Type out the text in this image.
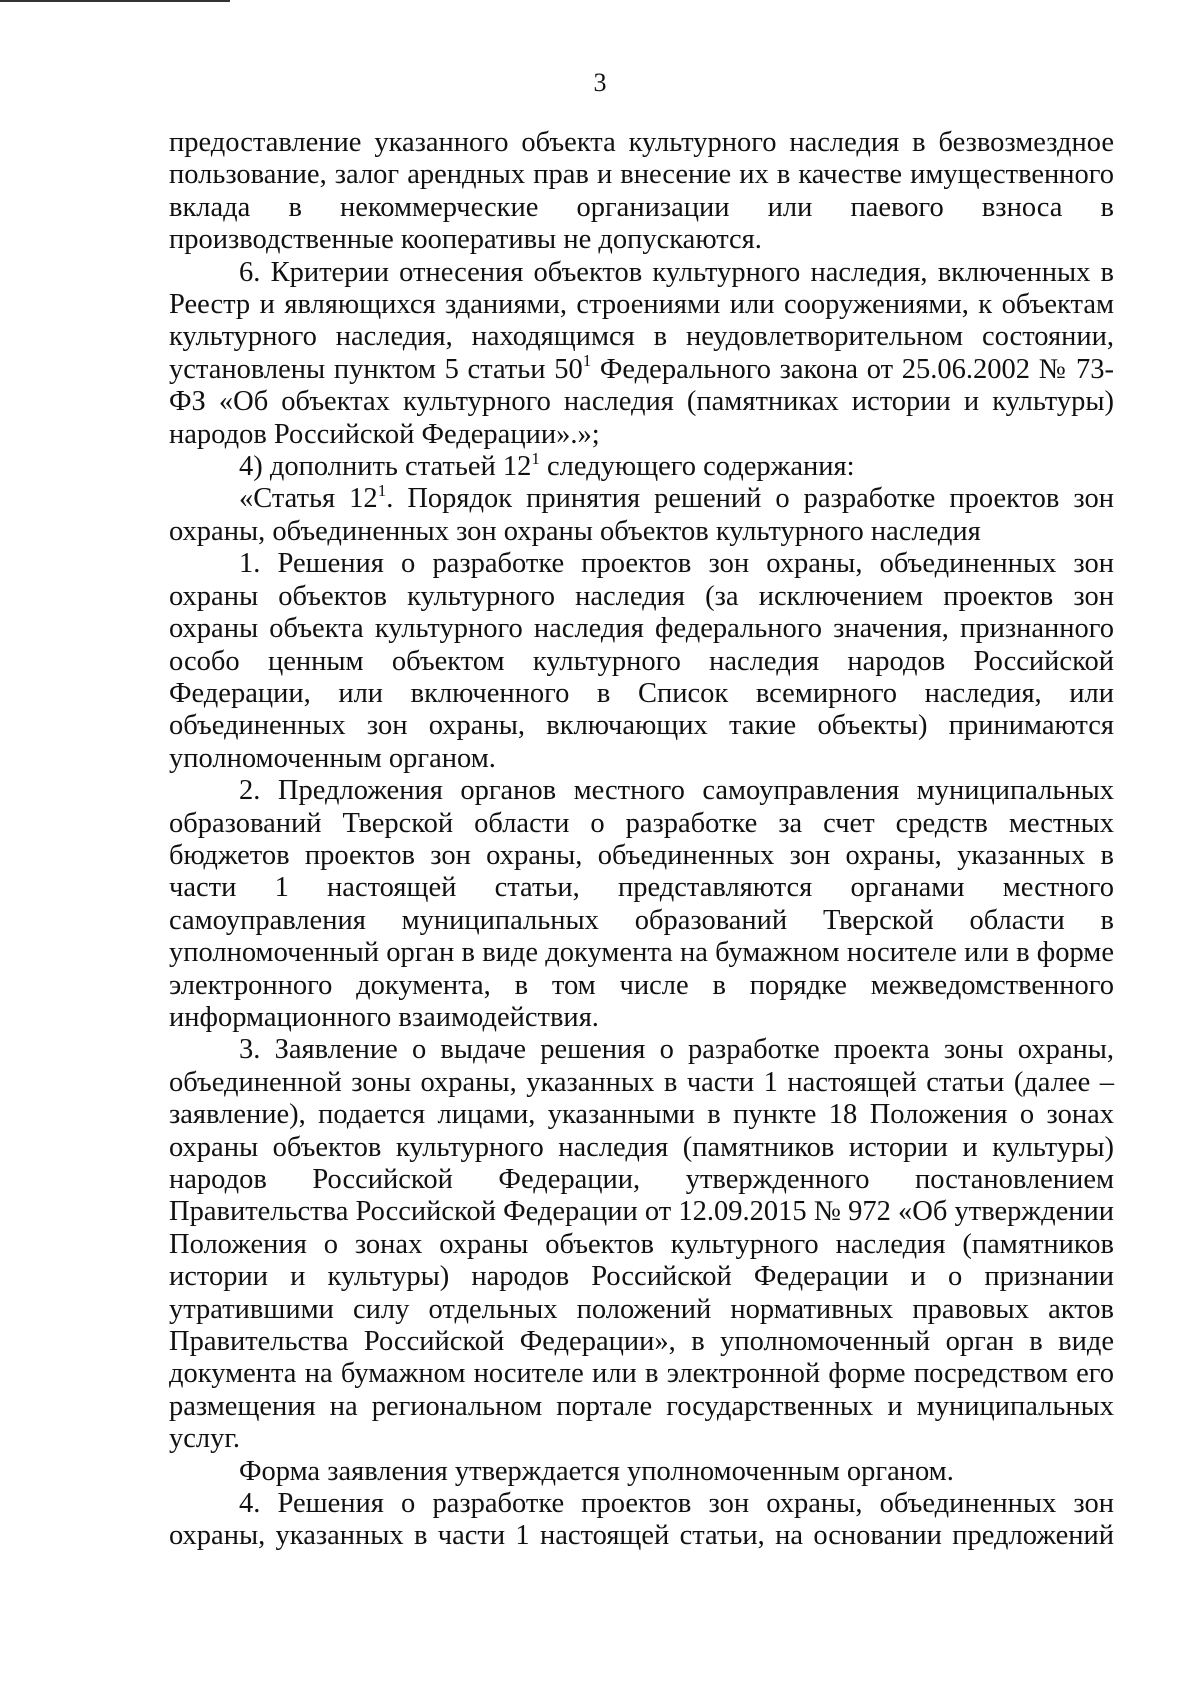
3

предоставление указанного объекта культурного наследия в безвозмездное пользование, залог арендных прав и внесение их в качестве имущественного вклада в некоммерческие организации или паевого взноса в производственные кооперативы не допускаются.

6. Критерии отнесения объектов культурного наследия, включенных в Реестр и являющихся зданиями, строениями или сооружениями, к объектам культурного наследия, находящимся в неудовлетворительном состоянии, установлены пунктом 5 статьи $50^1$ Федерального закона от 25.06.2002 № 73-ФЗ «Об объектах культурного наследия (памятниках истории и культуры) народов Российской Федерации».»;

4) дополнить статьей $12^1$ следующего содержания:

«Статья $12^1$. Порядок принятия решений о разработке проектов зон охраны, объединенных зон охраны объектов культурного наследия

1. Решения о разработке проектов зон охраны, объединенных зон охраны объектов культурного наследия (за исключением проектов зон охраны объекта культурного наследия федерального значения, признанного особо ценным объектом культурного наследия народов Российской Федерации, или включенного в Список всемирного наследия, или объединенных зон охраны, включающих такие объекты) принимаются уполномоченным органом.

2. Предложения органов местного самоуправления муниципальных образований Тверской области о разработке за счет средств местных бюджетов проектов зон охраны, объединенных зон охраны, указанных в части 1 настоящей статьи, представляются органами местного самоуправления муниципальных образований Тверской области в уполномоченный орган в виде документа на бумажном носителе или в форме электронного документа, в том числе в порядке межведомственного информационного взаимодействия.

3. Заявление о выдаче решения о разработке проекта зоны охраны, объединенной зоны охраны, указанных в части 1 настоящей статьи (далее – заявление), подается лицами, указанными в пункте 18 Положения о зонах охраны объектов культурного наследия (памятников истории и культуры) народов Российской Федерации, утвержденного постановлением Правительства Российской Федерации от 12.09.2015 № 972 «Об утверждении Положения о зонах охраны объектов культурного наследия (памятников истории и культуры) народов Российской Федерации и о признании утратившими силу отдельных положений нормативных правовых актов Правительства Российской Федерации», в уполномоченный орган в виде документа на бумажном носителе или в электронной форме посредством его размещения на региональном портале государственных и муниципальных услуг.

Форма заявления утверждается уполномоченным органом.

4. Решения о разработке проектов зон охраны, объединенных зон охраны, указанных в части 1 настоящей статьи, на основании предложений
